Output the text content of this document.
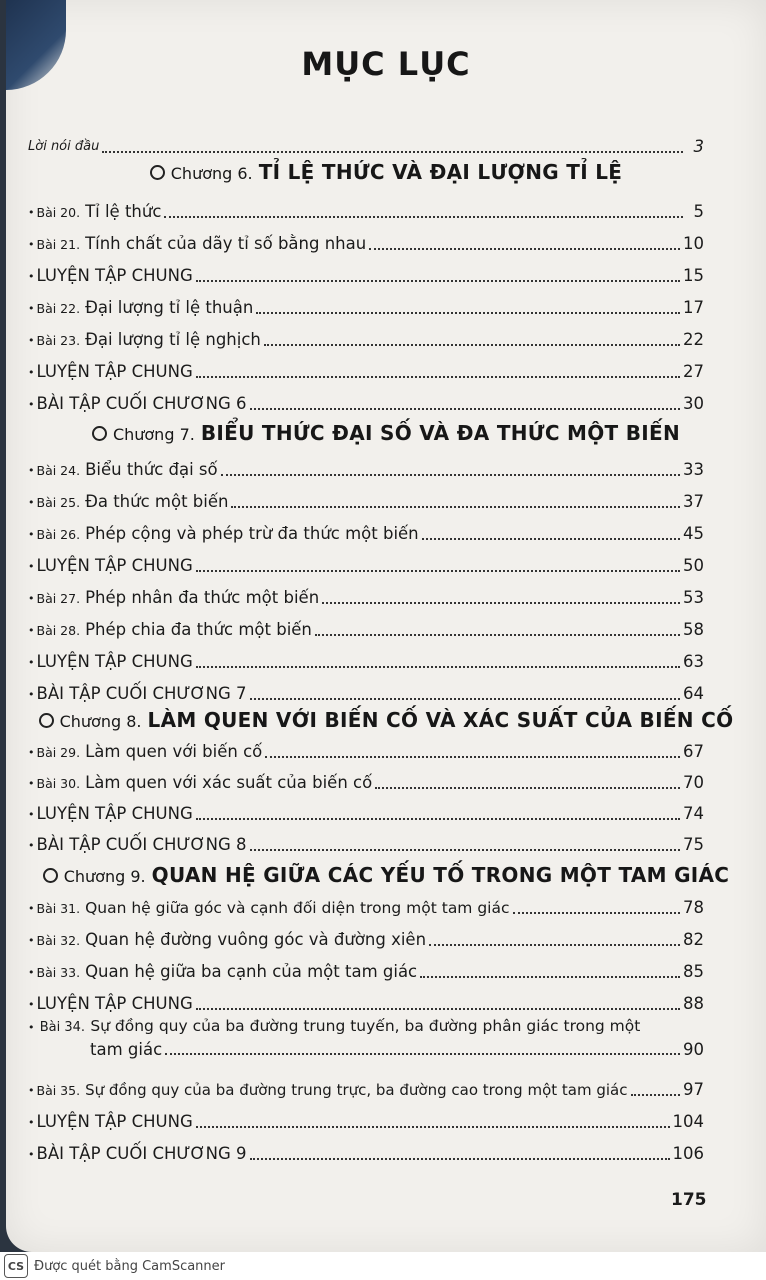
MỤC LỤC
Lời nói đầu	3
Chương 6. TỈ LỆ THỨC VÀ ĐẠI LƯỢNG TỈ LỆ
• Bài 20. Tỉ lệ thức	5
• Bài 21. Tính chất của dãy tỉ số bằng nhau	10
• LUYỆN TẬP CHUNG	15
• Bài 22. Đại lượng tỉ lệ thuận	17
• Bài 23. Đại lượng tỉ lệ nghịch	22
• LUYỆN TẬP CHUNG	27
• BÀI TẬP CUỐI CHƯƠNG 6	30
Chương 7. BIỂU THỨC ĐẠI SỐ VÀ ĐA THỨC MỘT BIẾN
• Bài 24. Biểu thức đại số	33
• Bài 25. Đa thức một biến	37
• Bài 26. Phép cộng và phép trừ đa thức một biến	45
• LUYỆN TẬP CHUNG	50
• Bài 27. Phép nhân đa thức một biến	53
• Bài 28. Phép chia đa thức một biến	58
• LUYỆN TẬP CHUNG	63
• BÀI TẬP CUỐI CHƯƠNG 7	64
Chương 8. LÀM QUEN VỚI BIẾN CỐ VÀ XÁC SUẤT CỦA BIẾN CỐ
• Bài 29. Làm quen với biến cố	67
• Bài 30. Làm quen với xác suất của biến cố	70
• LUYỆN TẬP CHUNG	74
• BÀI TẬP CUỐI CHƯƠNG 8	75
Chương 9. QUAN HỆ GIỮA CÁC YẾU TỐ TRONG MỘT TAM GIÁC
• Bài 31. Quan hệ giữa góc và cạnh đối diện trong một tam giác	78
• Bài 32. Quan hệ đường vuông góc và đường xiên	82
• Bài 33. Quan hệ giữa ba cạnh của một tam giác	85
• LUYỆN TẬP CHUNG	88
• Bài 34. Sự đồng quy của ba đường trung tuyến, ba đường phân giác trong một
tam giác	90
• Bài 35. Sự đồng quy của ba đường trung trực, ba đường cao trong một tam giác	97
• LUYỆN TẬP CHUNG	104
• BÀI TẬP CUỐI CHƯƠNG 9	106
175
CS Được quét bằng CamScanner
